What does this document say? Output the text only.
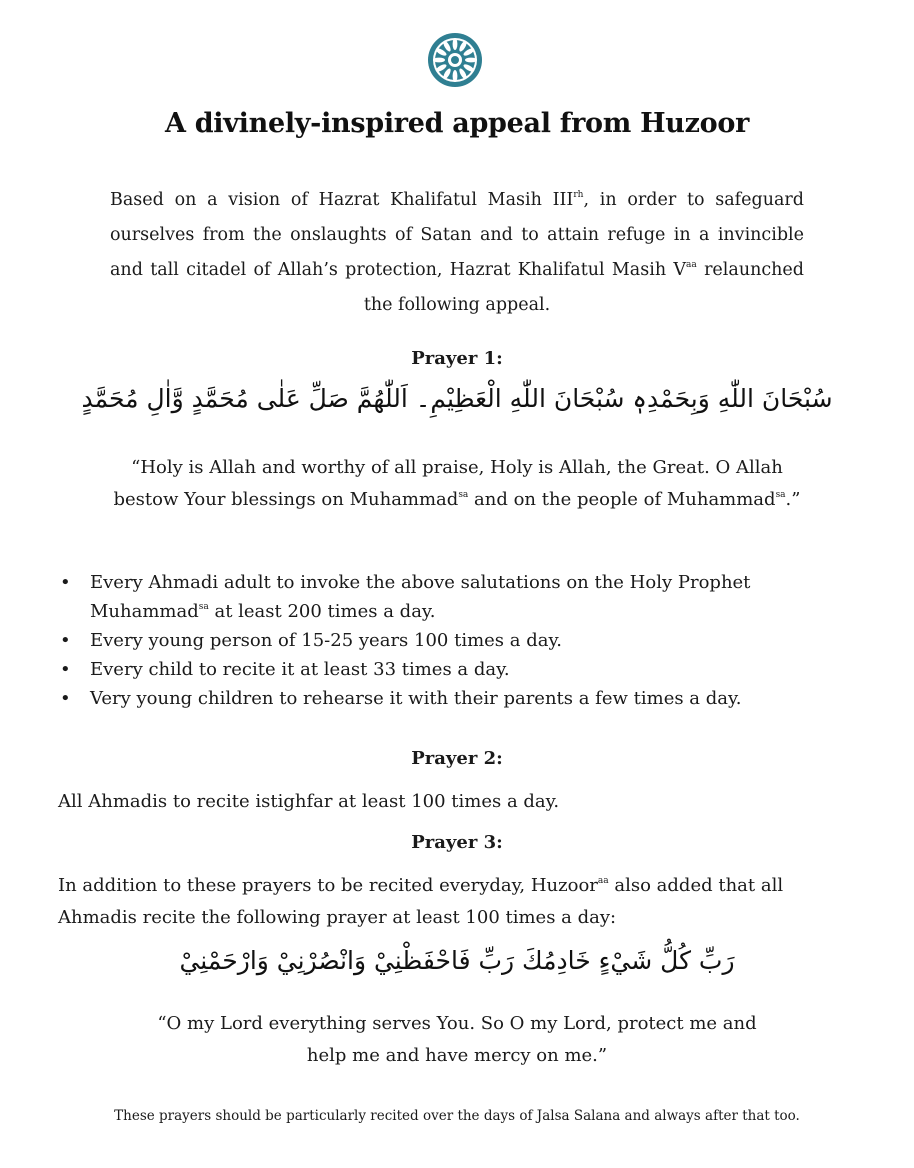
A divinely-inspired appeal from Huzoor

Based on a vision of Hazrat Khalifatul Masih $III^{rh}$, in order to safeguard ourselves from the onslaughts of Satan and to attain refuge in a invincible and tall citadel of Allah’s protection, Hazrat Khalifatul Masih $V^{aa}$ relaunched the following appeal.

Prayer 1:

سُبْحَانَ اللّٰهِ وَبِحَمْدِهٖ سُبْحَانَ اللّٰهِ الْعَظِيْمِ۔ اَللّٰهُمَّ صَلِّ عَلٰى مُحَمَّدٍ وَّاٰلِ مُحَمَّدٍ

“Holy is Allah and worthy of all praise, Holy is Allah, the Great. O Allah bestow Your blessings on Muhammad$^{sa}$ and on the people of Muhammad$^{sa}$.”

• Every Ahmadi adult to invoke the above salutations on the Holy Prophet Muhammad$^{sa}$ at least 200 times a day.
• Every young person of 15-25 years 100 times a day.
• Every child to recite it at least 33 times a day.
• Very young children to rehearse it with their parents a few times a day.

Prayer 2:

All Ahmadis to recite istighfar at least 100 times a day.

Prayer 3:

In addition to these prayers to be recited everyday, Huzoor$^{aa}$ also added that all Ahmadis recite the following prayer at least 100 times a day:

رَبِّ كُلُّ شَيْءٍ خَادِمُكَ رَبِّ فَاحْفَظْنِيْ وَانْصُرْنِيْ وَارْحَمْنِيْ

“O my Lord everything serves You. So O my Lord, protect me and help me and have mercy on me.”

These prayers should be particularly recited over the days of Jalsa Salana and always after that too.
